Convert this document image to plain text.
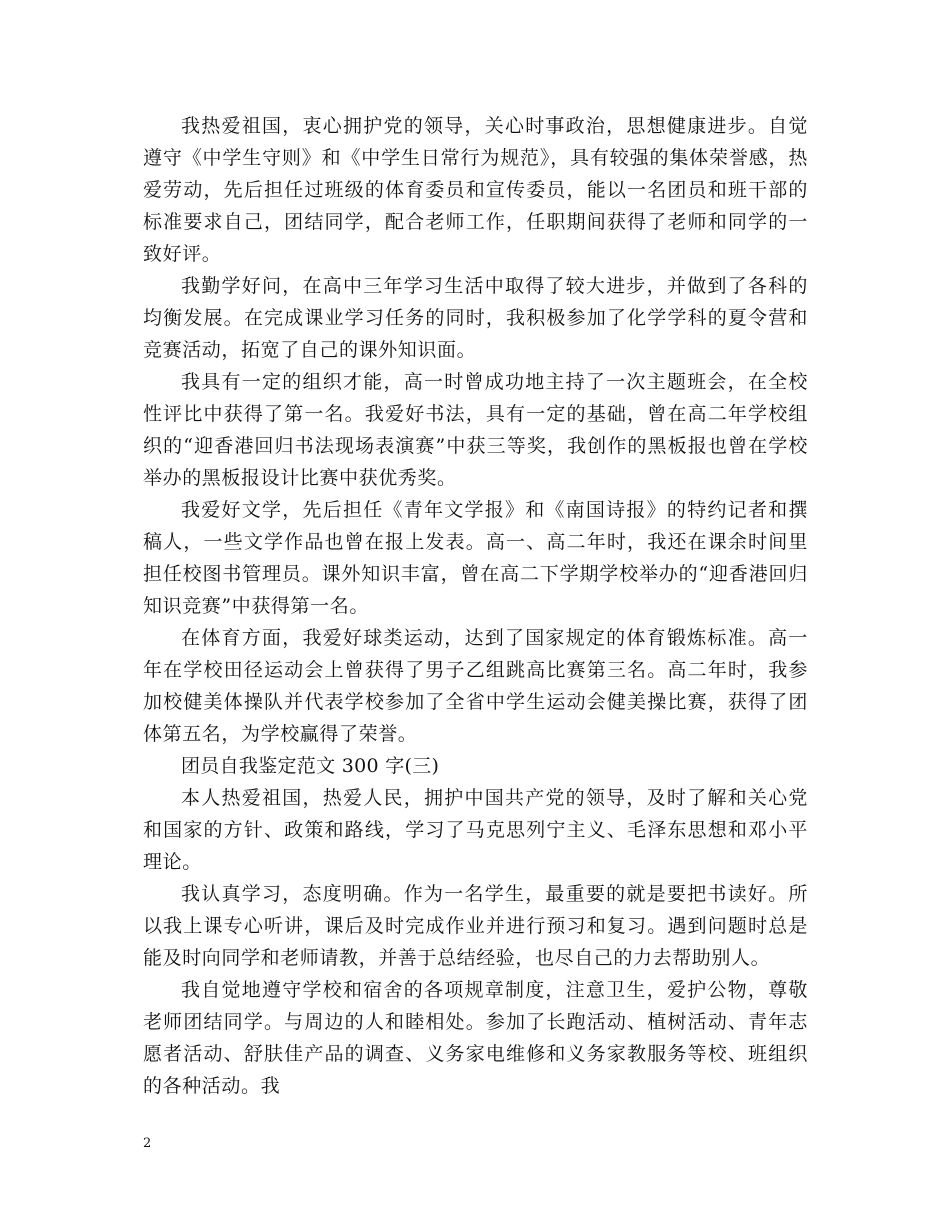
我热爱祖国，衷心拥护党的领导，关心时事政治，思想健康进步。自觉遵守《中学生守则》和《中学生日常行为规范》，具有较强的集体荣誉感，热爱劳动，先后担任过班级的体育委员和宣传委员，能以一名团员和班干部的标准要求自己，团结同学，配合老师工作，任职期间获得了老师和同学的一致好评。

我勤学好问，在高中三年学习生活中取得了较大进步，并做到了各科的均衡发展。在完成课业学习任务的同时，我积极参加了化学学科的夏令营和竞赛活动，拓宽了自己的课外知识面。

我具有一定的组织才能，高一时曾成功地主持了一次主题班会，在全校性评比中获得了第一名。我爱好书法，具有一定的基础，曾在高二年学校组织的“迎香港回归书法现场表演赛”中获三等奖，我创作的黑板报也曾在学校举办的黑板报设计比赛中获优秀奖。

我爱好文学，先后担任《青年文学报》和《南国诗报》的特约记者和撰稿人，一些文学作品也曾在报上发表。高一、高二年时，我还在课余时间里担任校图书管理员。课外知识丰富，曾在高二下学期学校举办的“迎香港回归知识竞赛”中获得第一名。

在体育方面，我爱好球类运动，达到了国家规定的体育锻炼标准。高一年在学校田径运动会上曾获得了男子乙组跳高比赛第三名。高二年时，我参加校健美体操队并代表学校参加了全省中学生运动会健美操比赛，获得了团体第五名，为学校赢得了荣誉。

团员自我鉴定范文 300 字(三)

本人热爱祖国，热爱人民，拥护中国共产党的领导，及时了解和关心党和国家的方针、政策和路线，学习了马克思列宁主义、毛泽东思想和邓小平理论。

我认真学习，态度明确。作为一名学生，最重要的就是要把书读好。所以我上课专心听讲，课后及时完成作业并进行预习和复习。遇到问题时总是能及时向同学和老师请教，并善于总结经验，也尽自己的力去帮助别人。

我自觉地遵守学校和宿舍的各项规章制度，注意卫生，爱护公物，尊敬老师团结同学。与周边的人和睦相处。参加了长跑活动、植树活动、青年志愿者活动、舒肤佳产品的调查、义务家电维修和义务家教服务等校、班组织的各种活动。我

2
